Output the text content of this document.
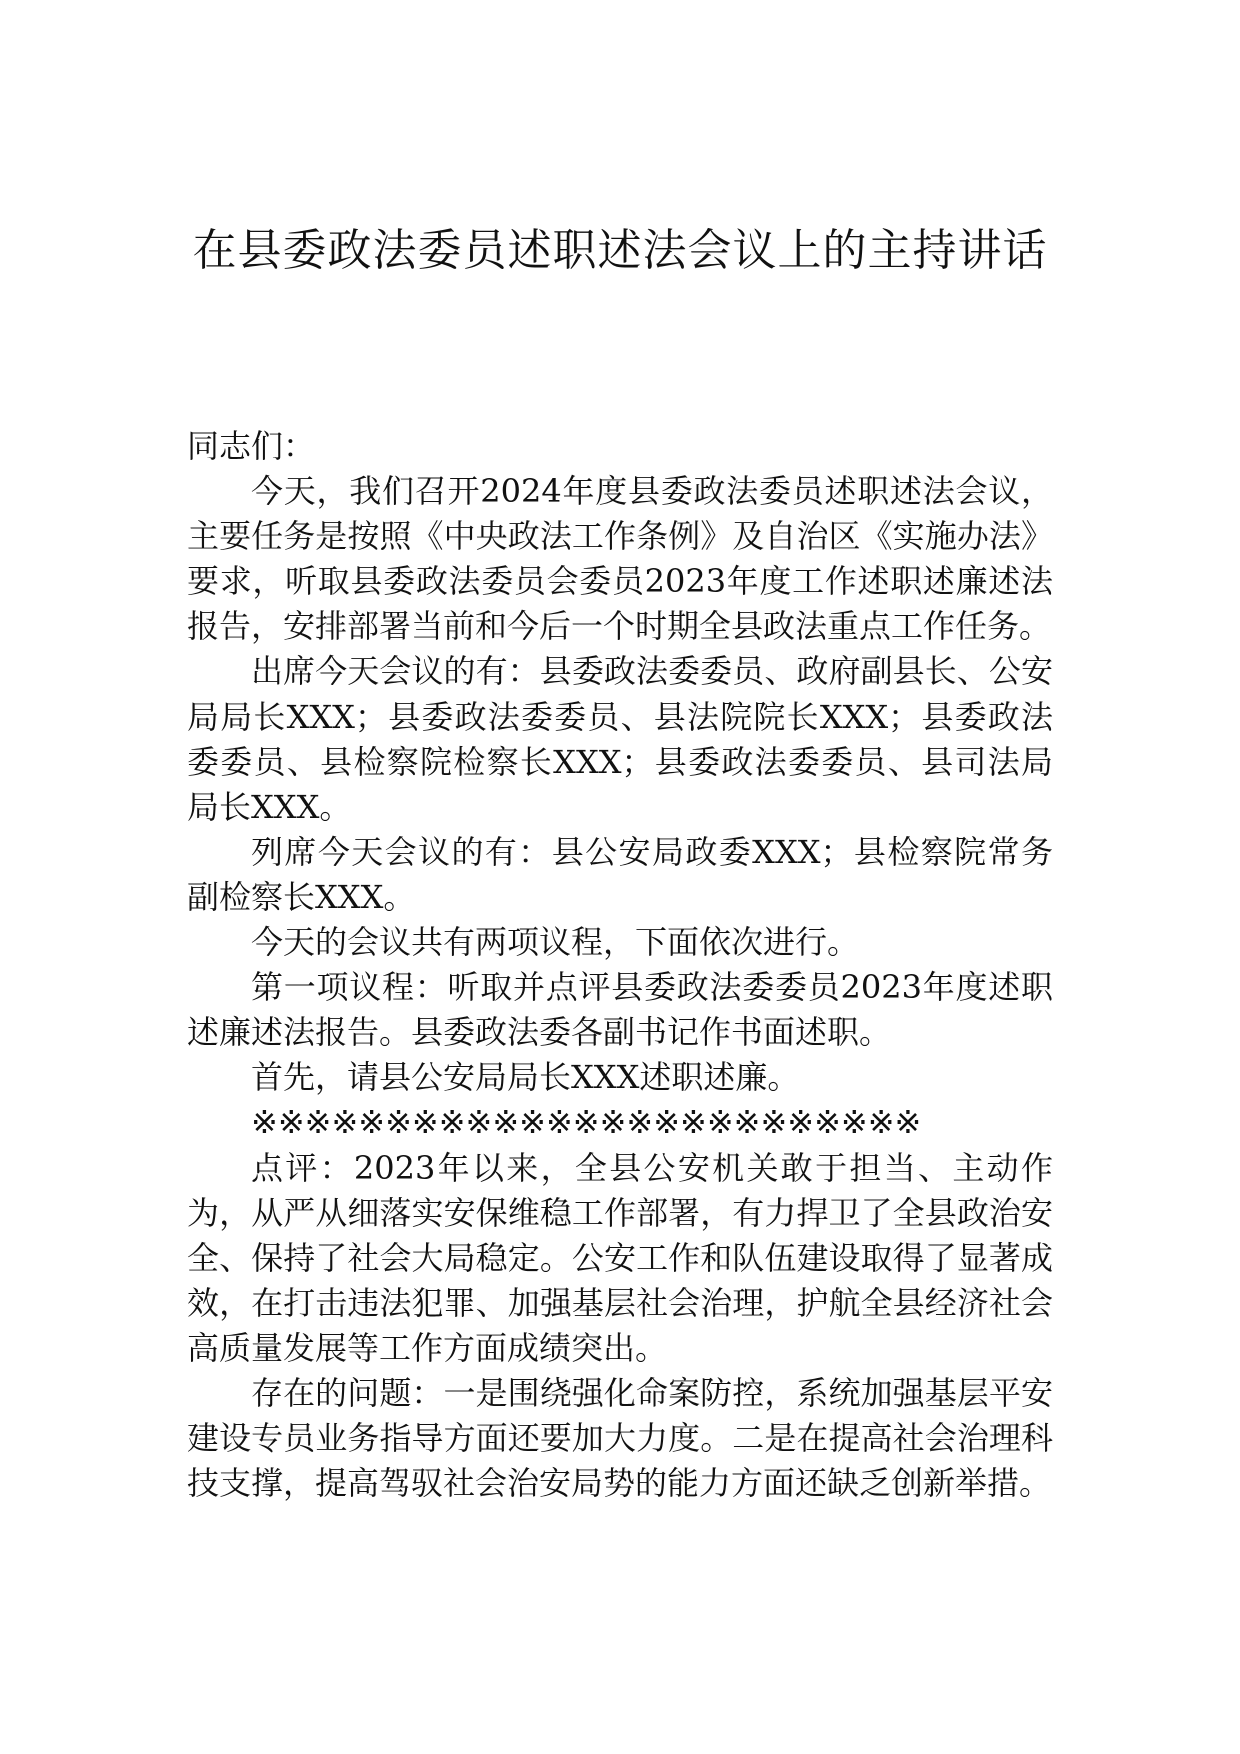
在县委政法委员述职述法会议上的主持讲话

同志们：

今天，我们召开2024年度县委政法委员述职述法会议，主要任务是按照《中央政法工作条例》及自治区《实施办法》要求，听取县委政法委员会委员2023年度工作述职述廉述法报告，安排部署当前和今后一个时期全县政法重点工作任务。

出席今天会议的有：县委政法委委员、政府副县长、公安局局长XXX；县委政法委委员、县法院院长XXX；县委政法委委员、县检察院检察长XXX；县委政法委委员、县司法局局长XXX。

列席今天会议的有：县公安局政委XXX；县检察院常务副检察长XXX。

今天的会议共有两项议程，下面依次进行。

第一项议程：听取并点评县委政法委委员2023年度述职述廉述法报告。县委政法委各副书记作书面述职。

首先，请县公安局局长XXX述职述廉。

※※※※※※※※※※※※※※※※※※※※※※※※※

点评：2023年以来，全县公安机关敢于担当、主动作为，从严从细落实安保维稳工作部署，有力捍卫了全县政治安全、保持了社会大局稳定。公安工作和队伍建设取得了显著成效，在打击违法犯罪、加强基层社会治理，护航全县经济社会高质量发展等工作方面成绩突出。

存在的问题：一是围绕强化命案防控，系统加强基层平安建设专员业务指导方面还要加大力度。二是在提高社会治理科技支撑，提高驾驭社会治安局势的能力方面还缺乏创新举措。
